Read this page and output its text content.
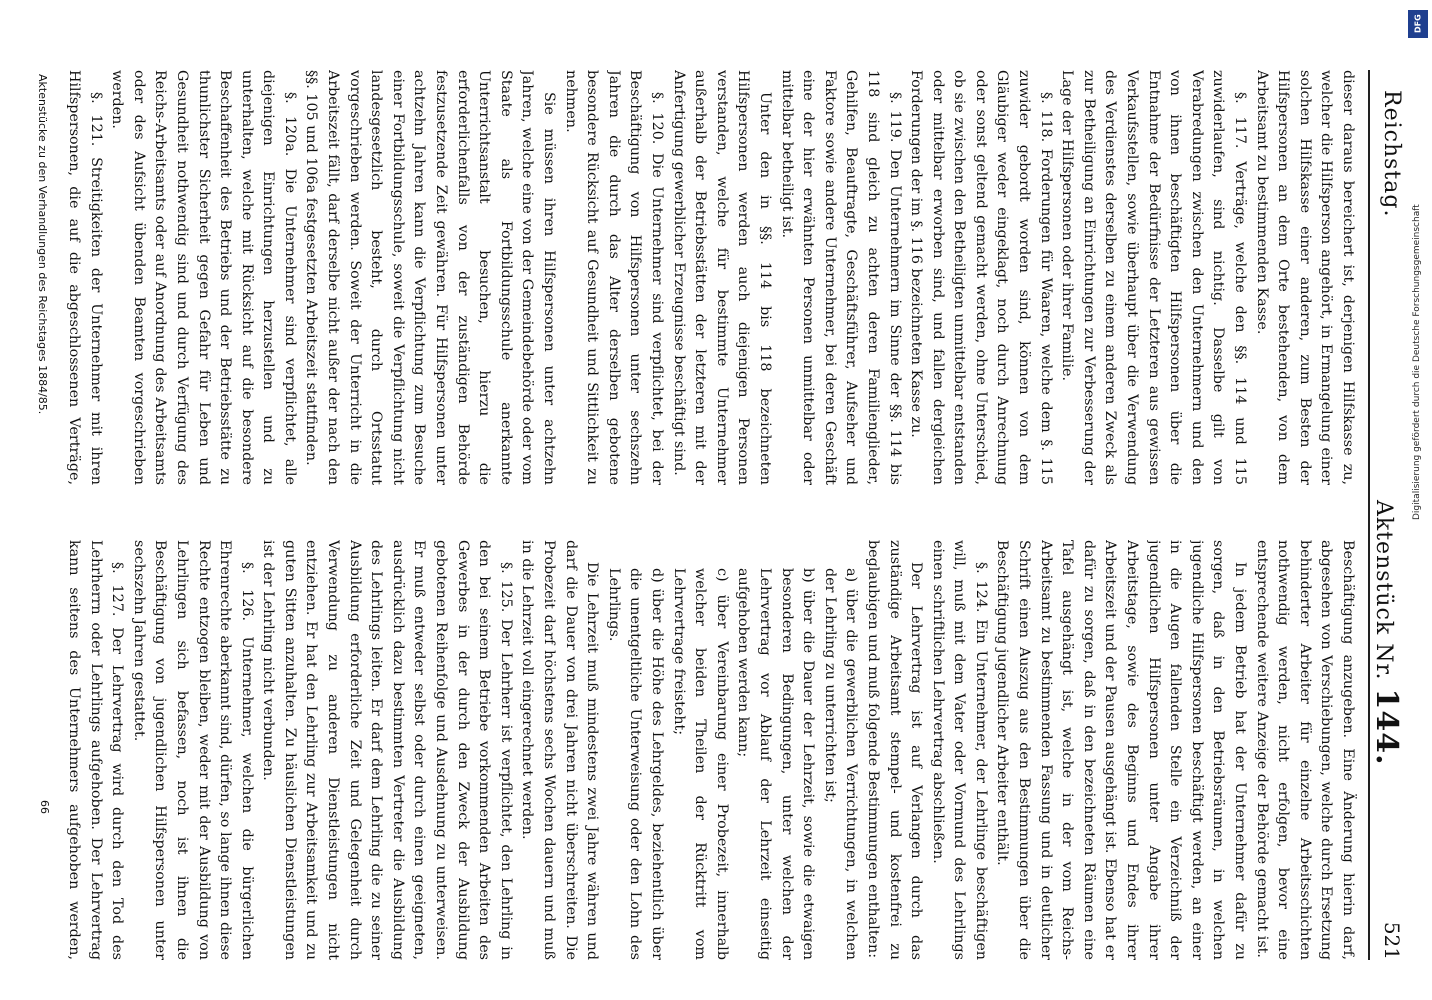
Reichstag.
Aktenstück Nr. 144.
521

dieser daraus bereichert ist, derjenigen Hilfskasse zu, welcher die Hilfsperson angehört, in Ermangelung einer solchen Hilfskasse einer anderen, zum Besten der Hilfspersonen an dem Orte bestehenden, von dem Arbeitsamt zu bestimmenden Kasse.

§. 117. Verträge, welche den §§. 114 und 115 zuwiderlaufen, sind nichtig. Dasselbe gilt von Verabredungen zwischen den Unternehmern und den von ihnen beschäftigten Hilfspersonen über die Entnahme der Bedürfnisse der Letzteren aus gewissen Verkaufsstellen, sowie überhaupt über die Verwendung des Verdienstes derselben zu einem anderen Zweck als zur Betheiligung an Einrichtungen zur Verbesserung der Lage der Hilfspersonen oder ihrer Familie.

§. 118. Forderungen für Waaren, welche dem §. 115 zuwider gebordt worden sind, können von dem Gläubiger weder eingeklagt, noch durch Anrechnung oder sonst geltend gemacht werden, ohne Unterschied, ob sie zwischen den Betheiligten unmittelbar entstanden oder mittelbar erworben sind, und fallen dergleichen Forderungen der im §. 116 bezeichneten Kasse zu.

§. 119. Den Unternehmern im Sinne der §§. 114 bis 118 sind gleich zu achten deren Familienglieder, Gehilfen, Beauftragte, Geschäftsführer, Aufseher und Faktore sowie andere Unternehmer, bei deren Geschäft eine der hier erwähnten Personen unmittelbar oder mittelbar betheiligt ist.

Unter den in §§. 114 bis 118 bezeichneten Hilfspersonen werden auch diejenigen Personen verstanden, welche für bestimmte Unternehmer außerhalb der Betriebsstätten der letzteren mit der Anfertigung gewerblicher Erzeugnisse beschäftigt sind.

§. 120. Die Unternehmer sind verpflichtet, bei der Beschäftigung von Hilfspersonen unter sechszehn Jahren die durch das Alter derselben gebotene besondere Rücksicht auf Gesundheit und Sittlichkeit zu nehmen.

Sie müssen ihren Hilfspersonen unter achtzehn Jahren, welche eine von der Gemeindebehörde oder vom Staate als Fortbildungsschule anerkannte Unterrichtsanstalt besuchen, hierzu die erforderlichenfalls von der zuständigen Behörde festzusetzende Zeit gewähren. Für Hilfspersonen unter achtzehn Jahren kann die Verpflichtung zum Besuche einer Fortbildungsschule, soweit die Verpflichtung nicht landesgesetzlich besteht, durch Ortsstatut vorgeschrieben werden. Soweit der Unterricht in die Arbeitszeit fällt, darf derselbe nicht außer der nach den §§. 105 und 106a festgesetzten Arbeitszeit stattfinden.

§. 120a. Die Unternehmer sind verpflichtet, alle diejenigen Einrichtungen herzustellen und zu unterhalten, welche mit Rücksicht auf die besondere Beschaffenheit des Betriebs und der Betriebsstätte zu thunlichster Sicherheit gegen Gefahr für Leben und Gesundheit nothwendig sind und durch Verfügung des Reichs-Arbeitsamts oder auf Anordnung des Arbeitsamts oder des Aufsicht übenden Beamten vorgeschrieben werden.

§. 121. Streitigkeiten der Unternehmer mit ihren Hilfspersonen, die auf die abgeschlossenen Verträge,

Beschäftigung anzugeben. Eine Änderung hierin darf, abgesehen von Verschiebungen, welche durch Ersetzung behinderter Arbeiter für einzelne Arbeitsschichten nothwendig werden, nicht erfolgen, bevor eine entsprechende weitere Anzeige der Behörde gemacht ist.

In jedem Betrieb hat der Unternehmer dafür zu sorgen, daß in den Betriebsräumen, in welchen jugendliche Hilfspersonen beschäftigt werden, an einer in die Augen fallenden Stelle ein Verzeichniß der jugendlichen Hilfspersonen unter Angabe ihrer Arbeitstage, sowie des Beginns und Endes ihrer Arbeitszeit und der Pausen ausgehängt ist. Ebenso hat er dafür zu sorgen, daß in den bezeichneten Räumen eine Tafel ausgehängt ist, welche in der vom Reichs-Arbeitsamt zu bestimmenden Fassung und in deutlicher Schrift einen Auszug aus den Bestimmungen über die Beschäftigung jugendlicher Arbeiter enthält.

§. 124. Ein Unternehmer, der Lehrlinge beschäftigen will, muß mit dem Vater oder Vormund des Lehrlings einen schriftlichen Lehrvertrag abschließen.

Der Lehrvertrag ist auf Verlangen durch das zuständige Arbeitsamt stempel- und kostenfrei zu beglaubigen und muß folgende Bestimmungen enthalten:

a) über die gewerblichen Verrichtungen, in welchen der Lehrling zu unterrichten ist;

b) über die Dauer der Lehrzeit, sowie die etwaigen besonderen Bedingungen, unter welchen der Lehrvertrag vor Ablauf der Lehrzeit einseitig aufgehoben werden kann;

c) über Vereinbarung einer Probezeit, innerhalb welcher beiden Theilen der Rücktritt vom Lehrvertrage freisteht;

d) über die Höhe des Lehrgeldes, beziehentlich über die unentgeltliche Unterweisung oder den Lohn des Lehrlings.

Die Lehrzeit muß mindestens zwei Jahre währen und darf die Dauer von drei Jahren nicht überschreiten. Die Probezeit darf höchstens sechs Wochen dauern und muß in die Lehrzeit voll eingerechnet werden.

§. 125. Der Lehrherr ist verpflichtet, den Lehrling in den bei seinem Betriebe vorkommenden Arbeiten des Gewerbes in der durch den Zweck der Ausbildung gebotenen Reihenfolge und Ausdehnung zu unterweisen. Er muß entweder selbst oder durch einen geeigneten, ausdrücklich dazu bestimmten Vertreter die Ausbildung des Lehrlings leiten. Er darf dem Lehrling die zu seiner Ausbildung erforderliche Zeit und Gelegenheit durch Verwendung zu anderen Dienstleistungen nicht entziehen. Er hat den Lehrling zur Arbeitsamkeit und zu guten Sitten anzuhalten. Zu häuslichen Dienstleistungen ist der Lehrling nicht verbunden.

§. 126. Unternehmer, welchen die bürgerlichen Ehrenrechte aberkannt sind, dürfen, so lange ihnen diese Rechte entzogen bleiben, weder mit der Ausbildung von Lehrlingen sich befassen, noch ist ihnen die Beschäftigung von jugendlichen Hilfspersonen unter sechszehn Jahren gestattet.

§. 127. Der Lehrvertrag wird durch den Tod des Lehrherrn oder Lehrlings aufgehoben. Der Lehrvertrag kann seitens des Unternehmers aufgehoben werden,

Aktenstücke zu den Verhandlungen des Reichstages 1884/85.
66
Digitalisierung gefördert durch die Deutsche Forschungsgemeinschaft
DFG
